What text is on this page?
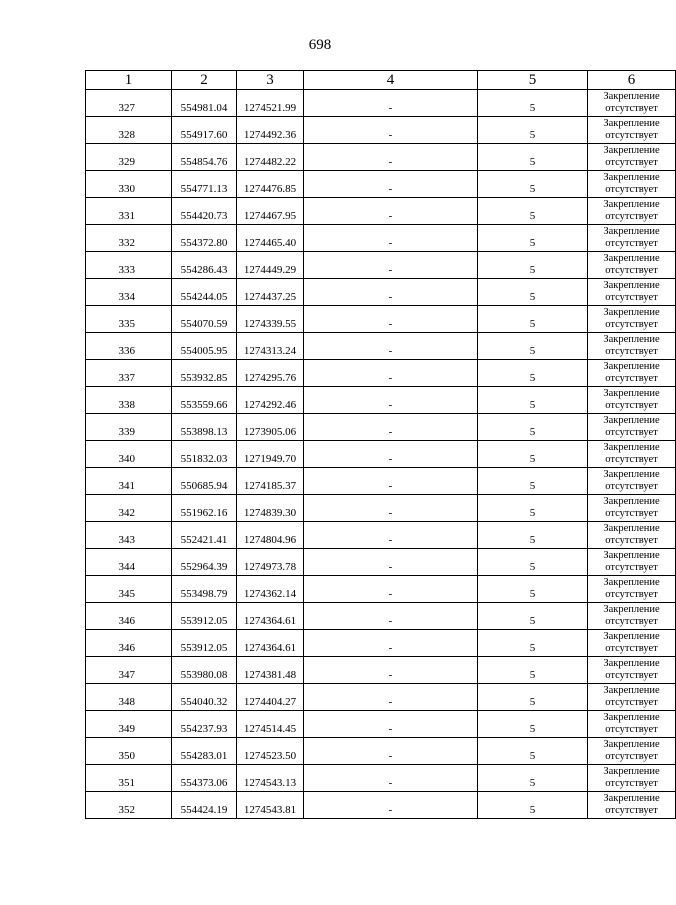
698
1	2	3	4	5	6
327	554981.04	1274521.99	-	5	Закрепление отсутствует
328	554917.60	1274492.36	-	5	Закрепление отсутствует
329	554854.76	1274482.22	-	5	Закрепление отсутствует
330	554771.13	1274476.85	-	5	Закрепление отсутствует
331	554420.73	1274467.95	-	5	Закрепление отсутствует
332	554372.80	1274465.40	-	5	Закрепление отсутствует
333	554286.43	1274449.29	-	5	Закрепление отсутствует
334	554244.05	1274437.25	-	5	Закрепление отсутствует
335	554070.59	1274339.55	-	5	Закрепление отсутствует
336	554005.95	1274313.24	-	5	Закрепление отсутствует
337	553932.85	1274295.76	-	5	Закрепление отсутствует
338	553559.66	1274292.46	-	5	Закрепление отсутствует
339	553898.13	1273905.06	-	5	Закрепление отсутствует
340	551832.03	1271949.70	-	5	Закрепление отсутствует
341	550685.94	1274185.37	-	5	Закрепление отсутствует
342	551962.16	1274839.30	-	5	Закрепление отсутствует
343	552421.41	1274804.96	-	5	Закрепление отсутствует
344	552964.39	1274973.78	-	5	Закрепление отсутствует
345	553498.79	1274362.14	-	5	Закрепление отсутствует
346	553912.05	1274364.61	-	5	Закрепление отсутствует
346	553912.05	1274364.61	-	5	Закрепление отсутствует
347	553980.08	1274381.48	-	5	Закрепление отсутствует
348	554040.32	1274404.27	-	5	Закрепление отсутствует
349	554237.93	1274514.45	-	5	Закрепление отсутствует
350	554283.01	1274523.50	-	5	Закрепление отсутствует
351	554373.06	1274543.13	-	5	Закрепление отсутствует
352	554424.19	1274543.81	-	5	Закрепление отсутствует
